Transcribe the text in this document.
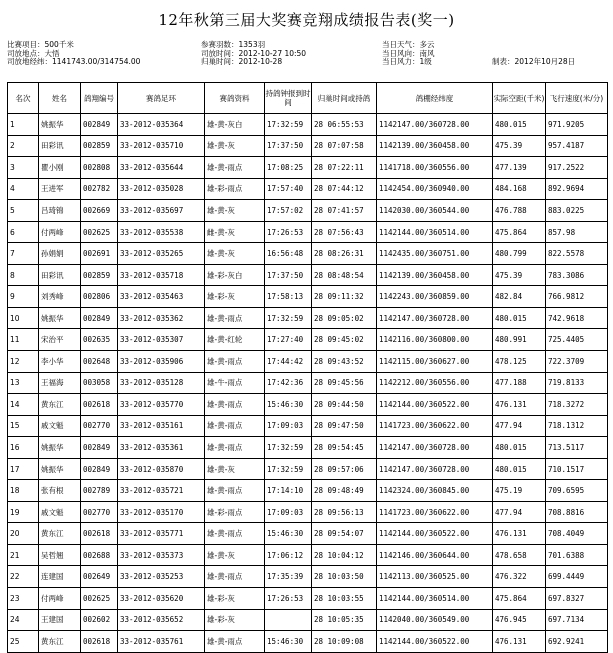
12年秋第三届大奖赛竞翔成绩报告表(奖一)
比赛项目：500千米
司放地点：大悟
司放地经纬：1141743.00/314754.00
参赛羽数：1353羽
司放时间：2012-10-27 10:50
归巢时间：2012-10-28
当日天气：多云
当日风向：南风
当日风力：1级	制表：2012年10月28日
名次	姓名	鸽翔编号	赛鸽足环	赛鸽资料	持鸽钟报到时间	归巢时间或持鸽	鸽棚经纬度	实际空距(千米)	飞行速度(米/分)
1	姚振华	002849	33-2012-035364	雄-黄-灰白	17:32:59	28 06:55:53	1142147.00/360728.00	480.015	971.9205
2	田彩讯	002859	33-2012-035710	雄-黄-灰	17:37:50	28 07:07:58	1142139.00/360458.00	475.39	957.4187
3	瞿小刚	002808	33-2012-035644	雄-黄-雨点	17:08:25	28 07:22:11	1141718.00/360556.00	477.139	917.2522
4	王进军	002782	33-2012-035028	雄-彩-雨点	17:57:40	28 07:44:12	1142454.00/360940.00	484.168	892.9694
5	吕琦锦	002669	33-2012-035697	雄-黄-灰	17:57:02	28 07:41:57	1142030.00/360544.00	476.788	883.0225
6	付两峰	002625	33-2012-035538	雌-黄-灰	17:26:53	28 07:56:43	1142144.00/360514.00	475.864	857.98
7	孙娟娟	002691	33-2012-035265	雄-黄-灰	16:56:48	28 08:26:31	1142435.00/360751.00	480.799	822.5578
8	田彩讯	002859	33-2012-035718	雄-彩-灰白	17:37:50	28 08:48:54	1142139.00/360458.00	475.39	783.3086
9	刘秀峰	002806	33-2012-035463	雄-彩-灰	17:58:13	28 09:11:32	1142243.00/360859.00	482.84	766.9812
10	姚振华	002849	33-2012-035362	雄-黄-雨点	17:32:59	28 09:05:02	1142147.00/360728.00	480.015	742.9618
11	宋治平	002635	33-2012-035307	雄-黄-红轮	17:27:40	28 09:45:02	1142116.00/360800.00	480.991	725.4405
12	李小华	002648	33-2012-035906	雄-黄-雨点	17:44:42	28 09:43:52	1142115.00/360627.00	478.125	722.3709
13	王福海	003058	33-2012-035128	雄-牛-雨点	17:42:36	28 09:45:56	1142212.00/360556.00	477.188	719.8133
14	黄东江	002618	33-2012-035770	雄-黄-雨点	15:46:30	28 09:44:50	1142144.00/360522.00	476.131	718.3272
15	戚文魁	002770	33-2012-035161	雄-黄-雨点	17:09:03	28 09:47:50	1141723.00/360622.00	477.94	718.1312
16	姚振华	002849	33-2012-035361	雄-黄-雨点	17:32:59	28 09:54:45	1142147.00/360728.00	480.015	713.5117
17	姚振华	002849	33-2012-035870	雄-黄-灰	17:32:59	28 09:57:06	1142147.00/360728.00	480.015	710.1517
18	张有根	002789	33-2012-035721	雄-黄-雨点	17:14:10	28 09:48:49	1142324.00/360845.00	475.19	709.6595
19	戚文魁	002770	33-2012-035170	雄-彩-雨点	17:09:03	28 09:56:13	1141723.00/360622.00	477.94	708.8816
20	黄东江	002618	33-2012-035771	雄-黄-雨点	15:46:30	28 09:54:07	1142144.00/360522.00	476.131	708.4049
21	吴哲翘	002688	33-2012-035373	雄-黄-灰	17:06:12	28 10:04:12	1142146.00/360644.00	478.658	701.6388
22	连建国	002649	33-2012-035253	雄-黄-雨点	17:35:39	28 10:03:50	1142113.00/360525.00	476.322	699.4449
23	付两峰	002625	33-2012-035620	雄-彩-灰	17:26:53	28 10:03:55	1142144.00/360514.00	475.864	697.8327
24	王建国	002602	33-2012-035652	雄-彩-灰		28 10:05:35	1142040.00/360549.00	476.945	697.7134
25	黄东江	002618	33-2012-035761	雄-黄-雨点	15:46:30	28 10:09:08	1142144.00/360522.00	476.131	692.9241
